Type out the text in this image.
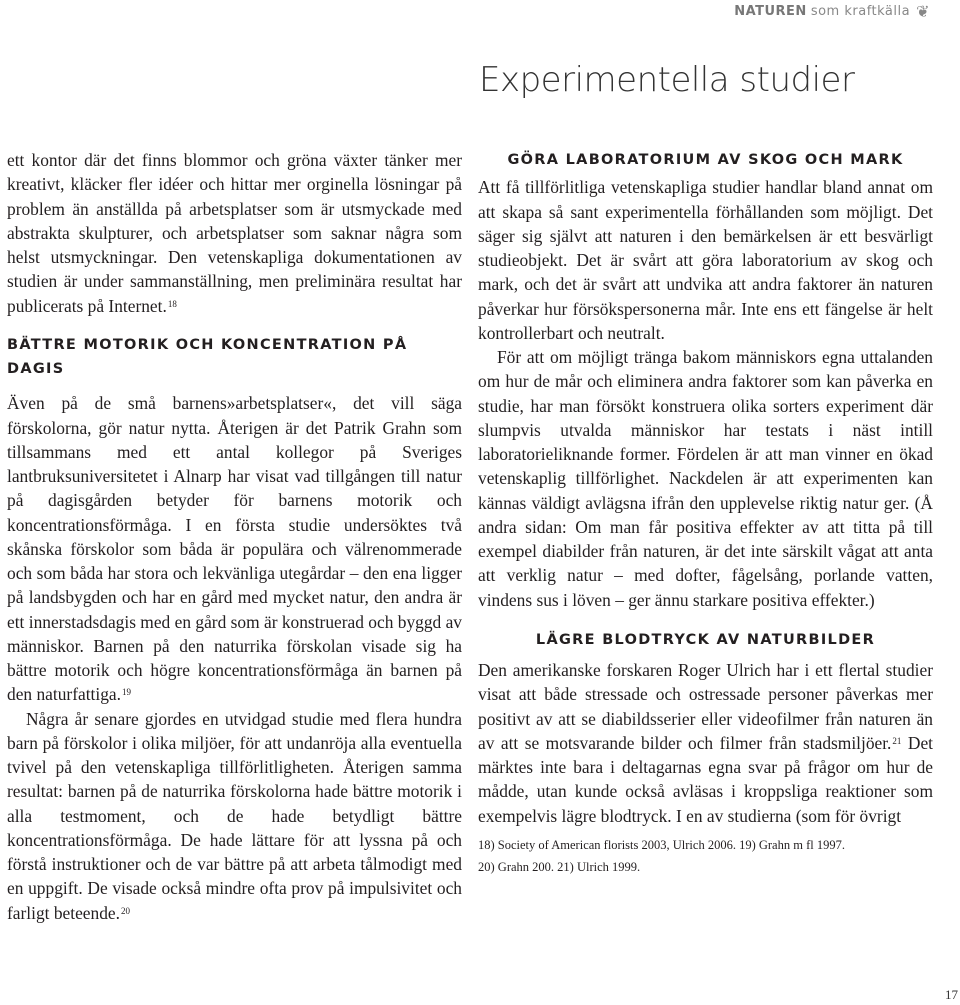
NATUREN som kraftkälla ❦
Experimentella studier

ett kontor där det finns blommor och gröna växter tänker mer kreativt, kläcker fler idéer och hittar mer orginella lösningar på problem än anställda på arbetsplatser som är utsmyckade med abstrakta skulpturer, och arbetsplatser som saknar några som helst utsmyckningar. Den vetenskapliga dokumentationen av studien är under sammanställning, men preliminära resultat har publicerats på Internet.$^{18}$

BÄTTRE MOTORIK OCH KONCENTRATION PÅ DAGIS

Även på de små barnens»arbetsplatser«, det vill säga förskolorna, gör natur nytta. Återigen är det Patrik Grahn som tillsammans med ett antal kollegor på Sveriges lantbruksuniversitetet i Alnarp har visat vad tillgången till natur på dagisgården betyder för barnens motorik och koncentrationsförmåga. I en första studie undersöktes två skånska förskolor som båda är populära och välrenommerade och som båda har stora och lekvänliga utegårdar – den ena ligger på landsbygden och har en gård med mycket natur, den andra är ett innerstadsdagis med en gård som är konstruerad och byggd av människor. Barnen på den naturrika förskolan visade sig ha bättre motorik och högre koncentrationsförmåga än barnen på den naturfattiga.$^{19}$

Några år senare gjordes en utvidgad studie med flera hundra barn på förskolor i olika miljöer, för att undanröja alla eventuella tvivel på den vetenskapliga tillförlitligheten. Återigen samma resultat: barnen på de naturrika förskolorna hade bättre motorik i alla testmoment, och de hade betydligt bättre koncentrationsförmåga. De hade lättare för att lyssna på och förstå instruktioner och de var bättre på att arbeta tålmodigt med en uppgift. De visade också mindre ofta prov på impulsivitet och farligt beteende.$^{20}$

GÖRA LABORATORIUM AV SKOG OCH MARK

Att få tillförlitliga vetenskapliga studier handlar bland annat om att skapa så sant experimentella förhållanden som möjligt. Det säger sig självt att naturen i den bemärkelsen är ett besvärligt studieobjekt. Det är svårt att göra laboratorium av skog och mark, och det är svårt att undvika att andra faktorer än naturen påverkar hur försökspersonerna mår. Inte ens ett fängelse är helt kontrollerbart och neutralt.

För att om möjligt tränga bakom människors egna uttalanden om hur de mår och eliminera andra faktorer som kan påverka en studie, har man försökt konstruera olika sorters experiment där slumpvis utvalda människor har testats i näst intill laboratorieliknande former. Fördelen är att man vinner en ökad vetenskaplig tillförlighet. Nackdelen är att experimenten kan kännas väldigt avlägsna ifrån den upplevelse riktig natur ger. (Å andra sidan: Om man får positiva effekter av att titta på till exempel diabilder från naturen, är det inte särskilt vågat att anta att verklig natur – med dofter, fågelsång, porlande vatten, vindens sus i löven – ger ännu starkare positiva effekter.)

LÄGRE BLODTRYCK AV NATURBILDER

Den amerikanske forskaren Roger Ulrich har i ett flertal studier visat att både stressade och ostressade personer påverkas mer positivt av att se diabildsserier eller videofilmer från naturen än av att se motsvarande bilder och filmer från stadsmiljöer.$^{21}$ Det märktes inte bara i deltagarnas egna svar på frågor om hur de mådde, utan kunde också avläsas i kroppsliga reaktioner som exempelvis lägre blodtryck. I en av studierna (som för övrigt

18) Society of American florists 2003, Ulrich 2006. 19) Grahn m fl 1997.
20) Grahn 200. 21) Ulrich 1999.
17
